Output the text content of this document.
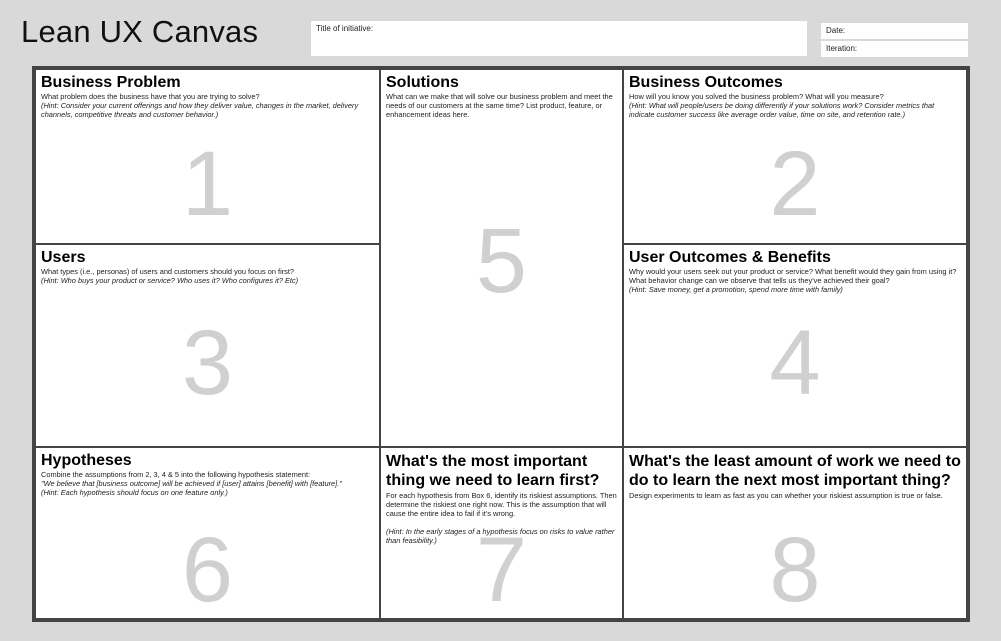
Lean UX Canvas	Title of initiative:	Date:
Iteration:
Business Problem

What problem does the business have that you are trying to solve?

(Hint: Consider your current offerings and how they deliver value, changes in the market, delivery channels, competitive threats and customer behavior.)

1
Solutions

What can we make that will solve our business problem and meet the needs of our customers at the same time? List product, feature, or enhancement ideas here.

5
Business Outcomes

How will you know you solved the business problem? What will you measure?

(Hint: What will people/users be doing differently if your solutions work? Consider metrics that indicate customer success like average order value, time on site, and retention rate.)

2
Users

What types (i.e., personas) of users and customers should you focus on first?

(Hint: Who buys your product or service? Who uses it? Who configures it? Etc)

3
User Outcomes & Benefits

Why would your users seek out your product or service? What benefit would they gain from using it? What behavior change can we observe that tells us they've achieved their goal?

(Hint: Save money, get a promotion, spend more time with family)

4
Hypotheses

Combine the assumptions from 2, 3, 4 & 5 into the following hypothesis statement:

"We believe that [business outcome] will be achieved if [user] attains [benefit] with [feature]."

(Hint: Each hypothesis should focus on one feature only.)

6
What's the most important thing we need to learn first?

For each hypothesis from Box 6, identify its riskiest assumptions. Then determine the riskiest one right now. This is the assumption that will cause the entire idea to fail if it's wrong.

(Hint: In the early stages of a hypothesis focus on risks to value rather than feasibility.) 7
What's the least amount of work we need to do to learn the next most important thing?

Design experiments to learn as fast as you can whether your riskiest assumption is true or false.

8
